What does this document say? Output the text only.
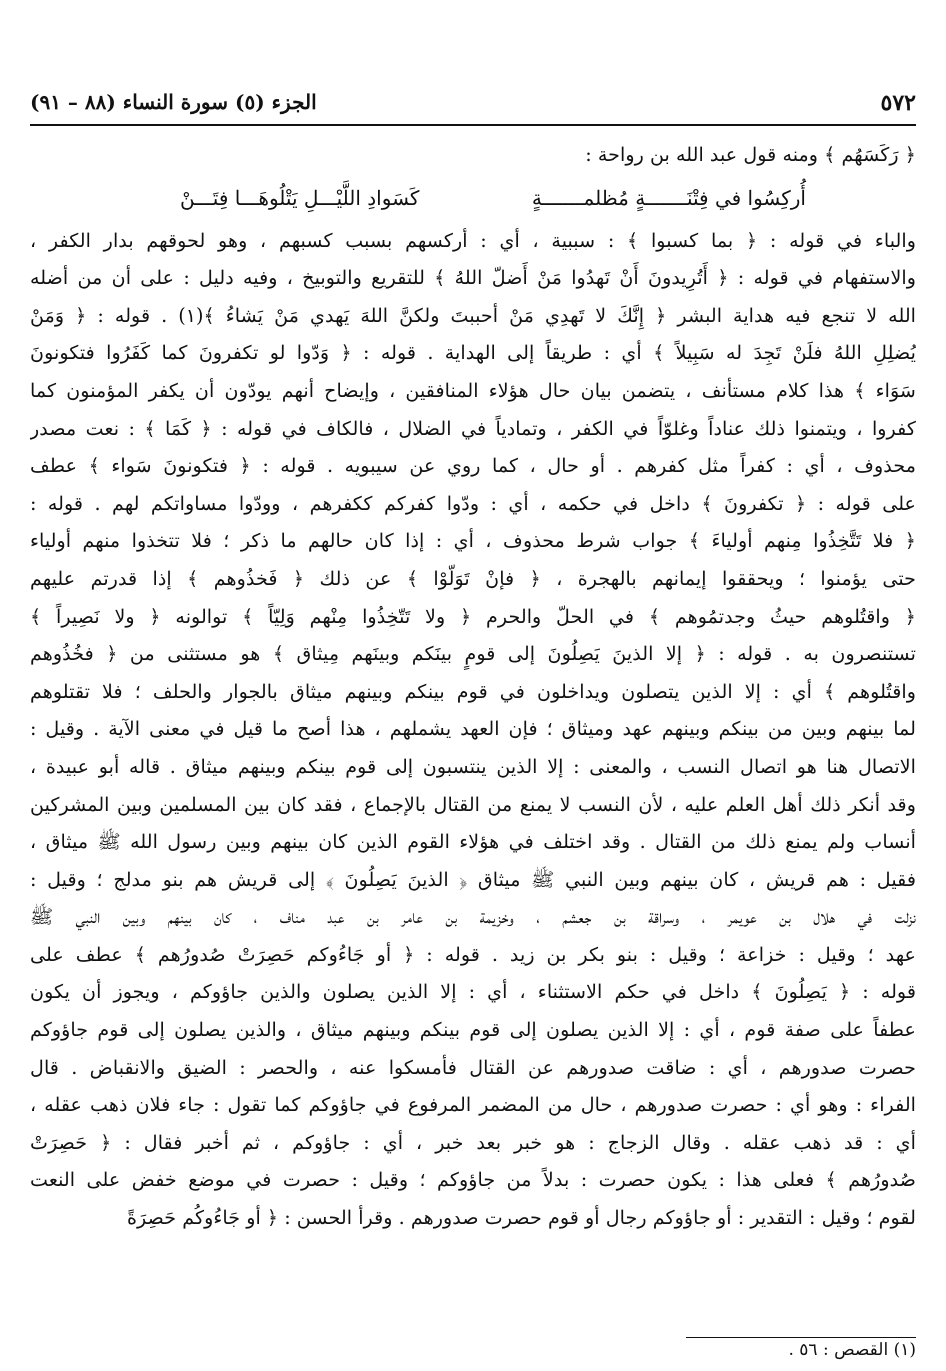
٥٧٢
الجزء (٥) سورة النساء (٨٨ – ٩١)
﴿ رَكَسَهُم ﴾ ومنه قول عبد الله بن رواحة :
أُركِسُوا في فِتْنَـــــــةٍ مُظلمـــــــةٍ
كَسَوادِ اللَّيْـــلِ يَتْلُوهَـــا فِتَـــنْ
والباء في قوله : ﴿ بما كسبوا ﴾ : سببية ، أي : أركسهم بسبب كسبهم ، وهو لحوقهم بدار الكفر ،
والاستفهام في قوله : ﴿ أَتُرِيدونَ أَنْ تَهدُوا مَنْ أَضلّ اللهُ ﴾ للتقريع والتوبيخ ، وفيه دليل : على أن من أضله
الله لا تنجع فيه هداية البشر ﴿ إِنَّكَ لا تَهدِي مَنْ أحببتَ ولكنَّ اللهَ يَهدي مَنْ يَشاءُ ﴾(١) . قوله : ﴿ وَمَنْ
يُضلِلِ اللهُ فلَنْ تَجِدَ له سَبِيلاً ﴾ أي : طريقاً إلى الهداية . قوله : ﴿ وَدّوا لو تكفرونَ كما كَفَرُوا فتكونونَ
سَوَاء ﴾ هذا كلام مستأنف ، يتضمن بيان حال هؤلاء المنافقين ، وإيضاح أنهم يودّون أن يكفر المؤمنون كما
كفروا ، ويتمنوا ذلك عناداً وغلوّاً في الكفر ، وتمادياً في الضلال ، فالكاف في قوله : ﴿ كَمَا ﴾ : نعت مصدر
محذوف ، أي : كفراً مثل كفرهم . أو حال ، كما روي عن سيبويه . قوله : ﴿ فتكونونَ سَواء ﴾ عطف
على قوله : ﴿ تكفرونَ ﴾ داخل في حكمه ، أي : ودّوا كفركم ككفرهم ، وودّوا مساواتكم لهم . قوله :
﴿ فلا تَتَّخِذُوا مِنهم أولياءَ ﴾ جواب شرط محذوف ، أي : إذا كان حالهم ما ذكر ؛ فلا تتخذوا منهم أولياء
حتى يؤمنوا ؛ ويحققوا إيمانهم بالهجرة ، ﴿ فإنْ تَوَلّوْا ﴾ عن ذلك ﴿ فَخذُوهم ﴾ إذا قدرتم عليهم
﴿ واقتُلوهم حيثُ وجدتمُوهم ﴾ في الحلّ والحرم ﴿ ولا تَتّخِذُوا مِنْهم وَلِيّاً ﴾ توالونه ﴿ ولا نَصِيراً ﴾
تستنصرون به . قوله : ﴿ إلا الذينَ يَصِلُونَ إلى قومٍ بينَكم وبينَهم مِيثاق ﴾ هو مستثنى من ﴿ فخُذُوهم
واقتُلوهم ﴾ أي : إلا الذين يتصلون ويداخلون في قوم بينكم وبينهم ميثاق بالجوار والحلف ؛ فلا تقتلوهم
لما بينهم وبين من بينكم وبينهم عهد وميثاق ؛ فإن العهد يشملهم ، هذا أصح ما قيل في معنى الآية . وقيل :
الاتصال هنا هو اتصال النسب ، والمعنى : إلا الذين ينتسبون إلى قوم بينكم وبينهم ميثاق . قاله أبو عبيدة ،
وقد أنكر ذلك أهل العلم عليه ، لأن النسب لا يمنع من القتال بالإجماع ، فقد كان بين المسلمين وبين المشركين
أنساب ولم يمنع ذلك من القتال . وقد اختلف في هؤلاء القوم الذين كان بينهم وبين رسول الله ﷺ ميثاق ،
فقيل : هم قريش ، كان بينهم وبين النبي ﷺ ميثاق ﴿ الذينَ يَصِلُونَ ﴾ إلى قريش هم بنو مدلج ؛ وقيل :
نزلت في هلال بن عويمر ، وسراقة بن جعشم ، وخزيمة بن عامر بن عبد مناف ، كان بينهم وبين النبي ﷺ
عهد ؛ وقيل : خزاعة ؛ وقيل : بنو بكر بن زيد . قوله : ﴿ أو جَاءُوكم حَصِرَتْ صُدورُهم ﴾ عطف على
قوله : ﴿ يَصِلُونَ ﴾ داخل في حكم الاستثناء ، أي : إلا الذين يصلون والذين جاؤوكم ، ويجوز أن يكون
عطفاً على صفة قوم ، أي : إلا الذين يصلون إلى قوم بينكم وبينهم ميثاق ، والذين يصلون إلى قوم جاؤوكم
حصرت صدورهم ، أي : ضاقت صدورهم عن القتال فأمسكوا عنه ، والحصر : الضيق والانقباض . قال
الفراء : وهو أي : حصرت صدورهم ، حال من المضمر المرفوع في جاؤوكم كما تقول : جاء فلان ذهب عقله ،
أي : قد ذهب عقله . وقال الزجاج : هو خبر بعد خبر ، أي : جاؤوكم ، ثم أخبر فقال : ﴿ حَصِرَتْ
صُدورُهم ﴾ فعلى هذا : يكون حصرت : بدلاً من جاؤوكم ؛ وقيل : حصرت في موضع خفض على النعت
لقوم ؛ وقيل : التقدير : أو جاؤوكم رجال أو قوم حصرت صدورهم . وقرأ الحسن : ﴿ أو جَاءُوكُم حَصِرَةً
(١) القصص : ٥٦ .
